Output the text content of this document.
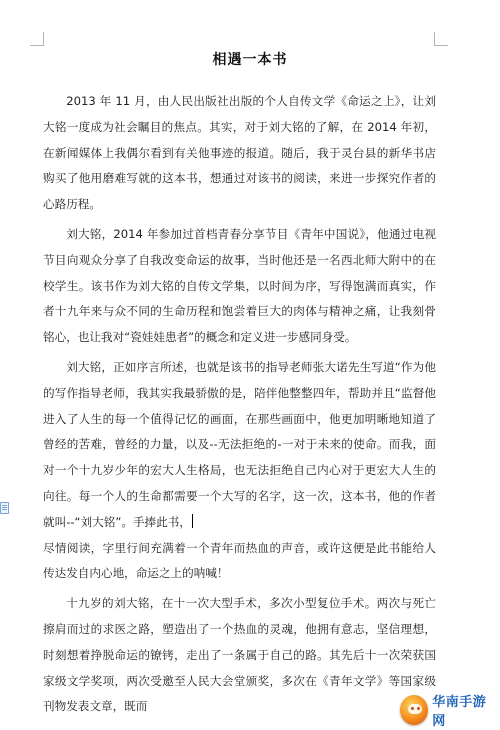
相遇一本书

2013 年 11 月，由人民出版社出版的个人自传文学《命运之上》，让刘大铭一度成为社会瞩目的焦点。其实，对于刘大铭的了解，在 2014 年初，在新闻媒体上我偶尔看到有关他事迹的报道。随后，我于灵台县的新华书店购买了他用磨难写就的这本书，想通过对该书的阅读，来进一步探究作者的心路历程。

刘大铭，2014 年参加过首档青春分享节目《青年中国说》，他通过电视节目向观众分享了自我改变命运的故事，当时他还是一名西北师大附中的在校学生。该书作为刘大铭的自传文学集，以时间为序，写得饱满而真实，作者十九年来与众不同的生命历程和饱尝着巨大的肉体与精神之痛，让我刻骨铭心，也让我对“瓷娃娃患者”的概念和定义进一步感同身受。

刘大铭，正如序言所述，也就是该书的指导老师张大诺先生写道“作为他的写作指导老师，我其实我最骄傲的是，陪伴他整整四年，帮助并且“监督他进入了人生的每一个值得记忆的画面，在那些画面中，他更加明晰地知道了曾经的苦难，曾经的力量，以及--无法拒绝的-一对于未来的使命。而我，面对一个十九岁少年的宏大人生格局，也无法拒绝自己内心对于更宏大人生的向往。每一个人的生命都需要一个大写的名字，这一次，这本书，他的作者就叫--“刘大铭”。手捧此书，

尽情阅读，字里行间充满着一个青年而热血的声音，或许这便是此书能给人传达发自内心地，命运之上的呐喊！

十九岁的刘大铭，在十一次大型手术，多次小型复位手术。两次与死亡擦肩而过的求医之路，塑造出了一个热血的灵魂，他拥有意志，坚信理想，时刻想着挣脱命运的镣铐，走出了一条属于自己的路。其先后十一次荣获国家级文学奖项，两次受邀至人民大会堂颁奖，多次在《青年文学》等国家级刊物发表文章，既而	华南手游网
